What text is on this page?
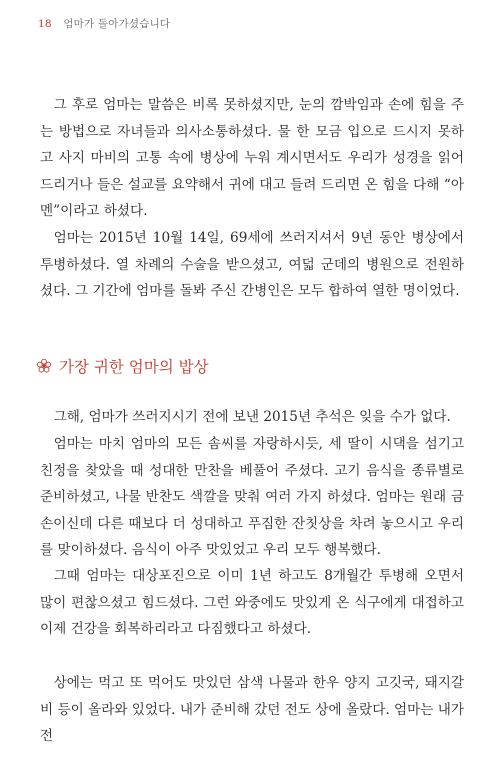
18 엄마가 돌아가셨습니다

그 후로 엄마는 말씀은 비록 못하셨지만, 눈의 깜박임과 손에 힘을 주는 방법으로 자녀들과 의사소통하셨다. 물 한 모금 입으로 드시지 못하고 사지 마비의 고통 속에 병상에 누워 계시면서도 우리가 성경을 읽어 드리거나 들은 설교를 요약해서 귀에 대고 들려 드리면 온 힘을 다해 “아멘”이라고 하셨다.

엄마는 2015년 10월 14일, 69세에 쓰러지셔서 9년 동안 병상에서 투병하셨다. 열 차례의 수술을 받으셨고, 여덟 군데의 병원으로 전원하셨다. 그 기간에 엄마를 돌봐 주신 간병인은 모두 합하여 열한 명이었다.

가장 귀한 엄마의 밥상

그해, 엄마가 쓰러지시기 전에 보낸 2015년 추석은 잊을 수가 없다.

엄마는 마치 엄마의 모든 솜씨를 자랑하시듯, 세 딸이 시댁을 섬기고 친정을 찾았을 때 성대한 만찬을 베풀어 주셨다. 고기 음식을 종류별로 준비하셨고, 나물 반찬도 색깔을 맞춰 여러 가지 하셨다. 엄마는 원래 금손이신데 다른 때보다 더 성대하고 푸짐한 잔칫상을 차려 놓으시고 우리를 맞이하셨다. 음식이 아주 맛있었고 우리 모두 행복했다.

그때 엄마는 대상포진으로 이미 1년 하고도 8개월간 투병해 오면서 많이 편찮으셨고 힘드셨다. 그런 와중에도 맛있게 온 식구에게 대접하고 이제 건강을 회복하리라고 다짐했다고 하셨다.

상에는 먹고 또 먹어도 맛있던 삼색 나물과 한우 양지 고깃국, 돼지갈비 등이 올라와 있었다. 내가 준비해 갔던 전도 상에 올랐다. 엄마는 내가 전
